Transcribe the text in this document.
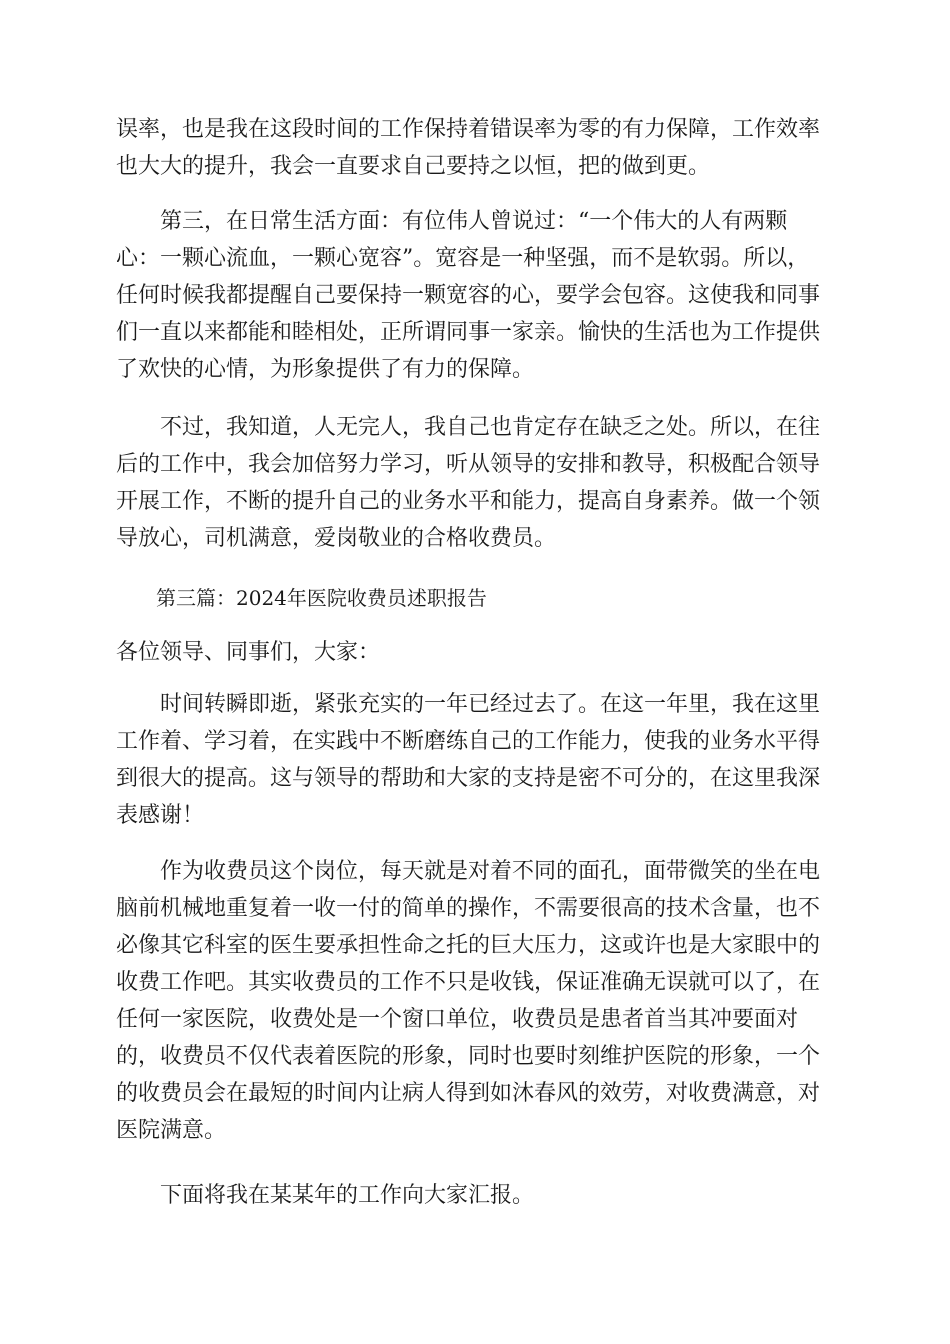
误率，也是我在这段时间的工作保持着错误率为零的有力保障，工作效率
也大大的提升，我会一直要求自己要持之以恒，把的做到更。
　　第三，在日常生活方面：有位伟人曾说过：“一个伟大的人有两颗
心：一颗心流血，一颗心宽容”。宽容是一种坚强，而不是软弱。所以，
任何时候我都提醒自己要保持一颗宽容的心，要学会包容。这使我和同事
们一直以来都能和睦相处，正所谓同事一家亲。愉快的生活也为工作提供
了欢快的心情，为形象提供了有力的保障。
　　不过，我知道，人无完人，我自己也肯定存在缺乏之处。所以，在往
后的工作中，我会加倍努力学习，听从领导的安排和教导，积极配合领导
开展工作，不断的提升自己的业务水平和能力，提高自身素养。做一个领
导放心，司机满意，爱岗敬业的合格收费员。
　　第三篇：2024年医院收费员述职报告
各位领导、同事们，大家：
　　时间转瞬即逝，紧张充实的一年已经过去了。在这一年里，我在这里
工作着、学习着，在实践中不断磨练自己的工作能力，使我的业务水平得
到很大的提高。这与领导的帮助和大家的支持是密不可分的，在这里我深
表感谢！
　　作为收费员这个岗位，每天就是对着不同的面孔，面带微笑的坐在电
脑前机械地重复着一收一付的简单的操作，不需要很高的技术含量，也不
必像其它科室的医生要承担性命之托的巨大压力，这或许也是大家眼中的
收费工作吧。其实收费员的工作不只是收钱，保证准确无误就可以了，在
任何一家医院，收费处是一个窗口单位，收费员是患者首当其冲要面对
的，收费员不仅代表着医院的形象，同时也要时刻维护医院的形象，一个
的收费员会在最短的时间内让病人得到如沐春风的效劳，对收费满意，对
医院满意。
　　下面将我在某某年的工作向大家汇报。
